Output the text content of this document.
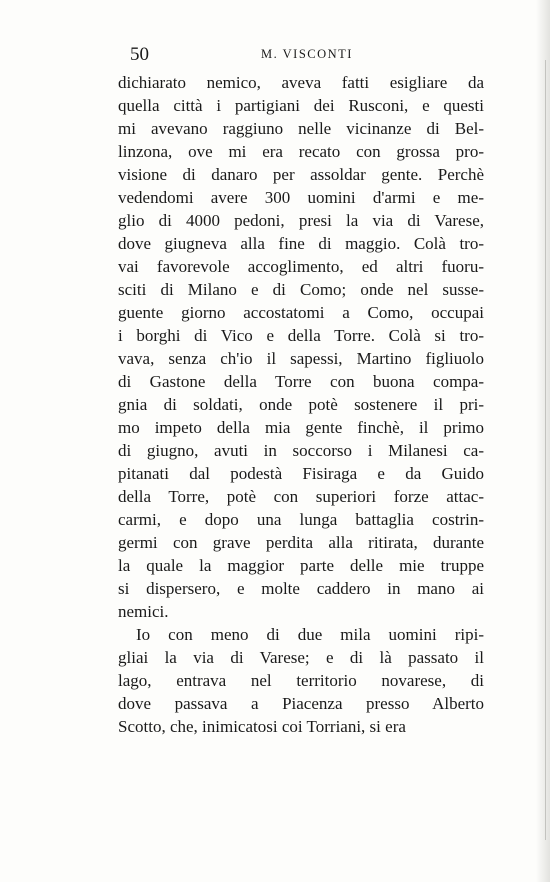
50	M. VISCONTI
dichiarato nemico, aveva fatti esigliare da
quella città i partigiani dei Rusconi, e questi
mi avevano raggiuno nelle vicinanze di Bel-
linzona, ove mi era recato con grossa pro-
visione di danaro per assoldar gente. Perchè
vedendomi avere 300 uomini d'armi e me-
glio di 4000 pedoni, presi la via di Varese,
dove giugneva alla fine di maggio. Colà tro-
vai favorevole accoglimento, ed altri fuoru-
sciti di Milano e di Como; onde nel susse-
guente giorno accostatomi a Como, occupai
i borghi di Vico e della Torre. Colà si tro-
vava, senza ch'io il sapessi, Martino figliuolo
di Gastone della Torre con buona compa-
gnia di soldati, onde potè sostenere il pri-
mo impeto della mia gente finchè, il primo
di giugno, avuti in soccorso i Milanesi ca-
pitanati dal podestà Fisiraga e da Guido
della Torre, potè con superiori forze attac-
carmi, e dopo una lunga battaglia costrin-
germi con grave perdita alla ritirata, durante
la quale la maggior parte delle mie truppe
si dispersero, e molte caddero in mano ai
nemici.
Io con meno di due mila uomini ripi-
gliai la via di Varese; e di là passato il
lago, entrava nel territorio novarese, di
dove passava a Piacenza presso Alberto
Scotto, che, inimicatosi coi Torriani, si era
